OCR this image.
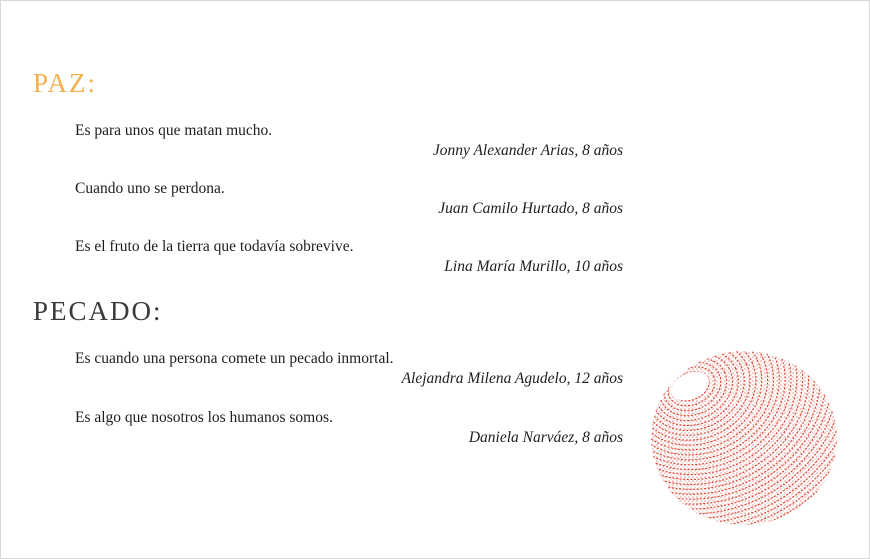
PAZ:
Es para unos que matan mucho.
Jonny Alexander Arias, 8 años
Cuando uno se perdona.
Juan Camilo Hurtado, 8 años
Es el fruto de la tierra que todavía sobrevive.
Lina María Murillo, 10 años
PECADO:
Es cuando una persona comete un pecado inmortal.
Alejandra Milena Agudelo, 12 años
Es algo que nosotros los humanos somos.
Daniela Narváez, 8 años
